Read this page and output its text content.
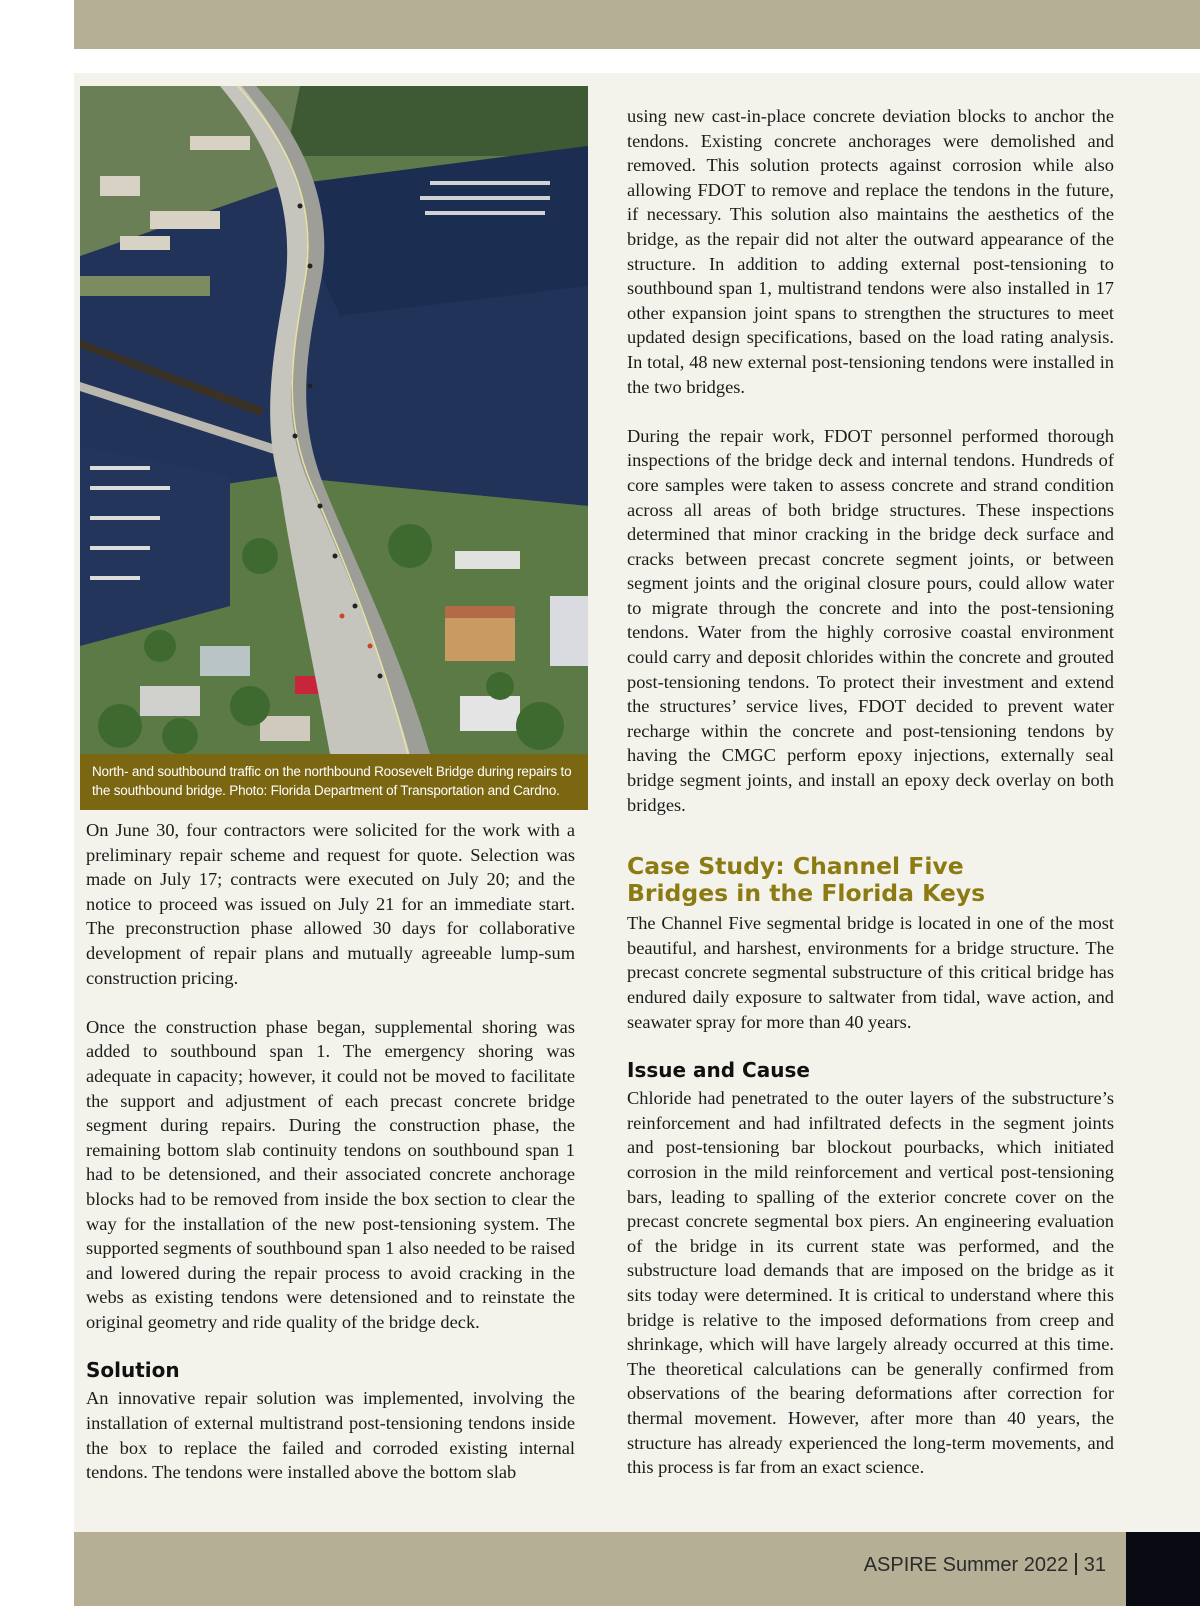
North- and southbound traffic on the northbound Roosevelt Bridge during repairs to the southbound bridge. Photo: Florida Department of Transportation and Cardno.

On June 30, four contractors were solicited for the work with a preliminary repair scheme and request for quote. Selection was made on July 17; contracts were executed on July 20; and the notice to proceed was issued on July 21 for an immediate start. The preconstruction phase allowed 30 days for collaborative development of repair plans and mutually agreeable lump-sum construction pricing.

Once the construction phase began, supplemental shoring was added to southbound span 1. The emergency shoring was adequate in capacity; however, it could not be moved to facilitate the support and adjustment of each precast concrete bridge segment during repairs. During the construction phase, the remaining bottom slab continuity tendons on southbound span 1 had to be detensioned, and their associated concrete anchorage blocks had to be removed from inside the box section to clear the way for the installation of the new post-tensioning system. The supported segments of southbound span 1 also needed to be raised and lowered during the repair process to avoid cracking in the webs as existing tendons were detensioned and to reinstate the original geometry and ride quality of the bridge deck.

Solution

An innovative repair solution was implemented, involving the installation of external multistrand post-tensioning tendons inside the box to replace the failed and corroded existing internal tendons. The tendons were installed above the bottom slab

using new cast-in-place concrete deviation blocks to anchor the tendons. Existing concrete anchorages were demolished and removed. This solution protects against corrosion while also allowing FDOT to remove and replace the tendons in the future, if necessary. This solution also maintains the aesthetics of the bridge, as the repair did not alter the outward appearance of the structure. In addition to adding external post-tensioning to southbound span 1, multistrand tendons were also installed in 17 other expansion joint spans to strengthen the structures to meet updated design specifications, based on the load rating analysis. In total, 48 new external post-tensioning tendons were installed in the two bridges.

During the repair work, FDOT personnel performed thorough inspections of the bridge deck and internal tendons. Hundreds of core samples were taken to assess concrete and strand condition across all areas of both bridge structures. These inspections determined that minor cracking in the bridge deck surface and cracks between precast concrete segment joints, or between segment joints and the original closure pours, could allow water to migrate through the concrete and into the post-tensioning tendons. Water from the highly corrosive coastal environment could carry and deposit chlorides within the concrete and grouted post-tensioning tendons. To protect their investment and extend the structures’ service lives, FDOT decided to prevent water recharge within the concrete and post-tensioning tendons by having the CMGC perform epoxy injections, externally seal bridge segment joints, and install an epoxy deck overlay on both bridges.

Case Study: Channel Five
Bridges in the Florida Keys

The Channel Five segmental bridge is located in one of the most beautiful, and harshest, environments for a bridge structure. The precast concrete segmental substructure of this critical bridge has endured daily exposure to saltwater from tidal, wave action, and seawater spray for more than 40 years.

Issue and Cause

Chloride had penetrated to the outer layers of the substructure’s reinforcement and had infiltrated defects in the segment joints and post-tensioning bar blockout pourbacks, which initiated corrosion in the mild reinforcement and vertical post-tensioning bars, leading to spalling of the exterior concrete cover on the precast concrete segmental box piers. An engineering evaluation of the bridge in its current state was performed, and the substructure load demands that are imposed on the bridge as it sits today were determined. It is critical to understand where this bridge is relative to the imposed deformations from creep and shrinkage, which will have largely already occurred at this time. The theoretical calculations can be generally confirmed from observations of the bearing deformations after correction for thermal movement. However, after more than 40 years, the structure has already experienced the long-term movements, and this process is far from an exact science.

ASPIRE Summer 2022 31
